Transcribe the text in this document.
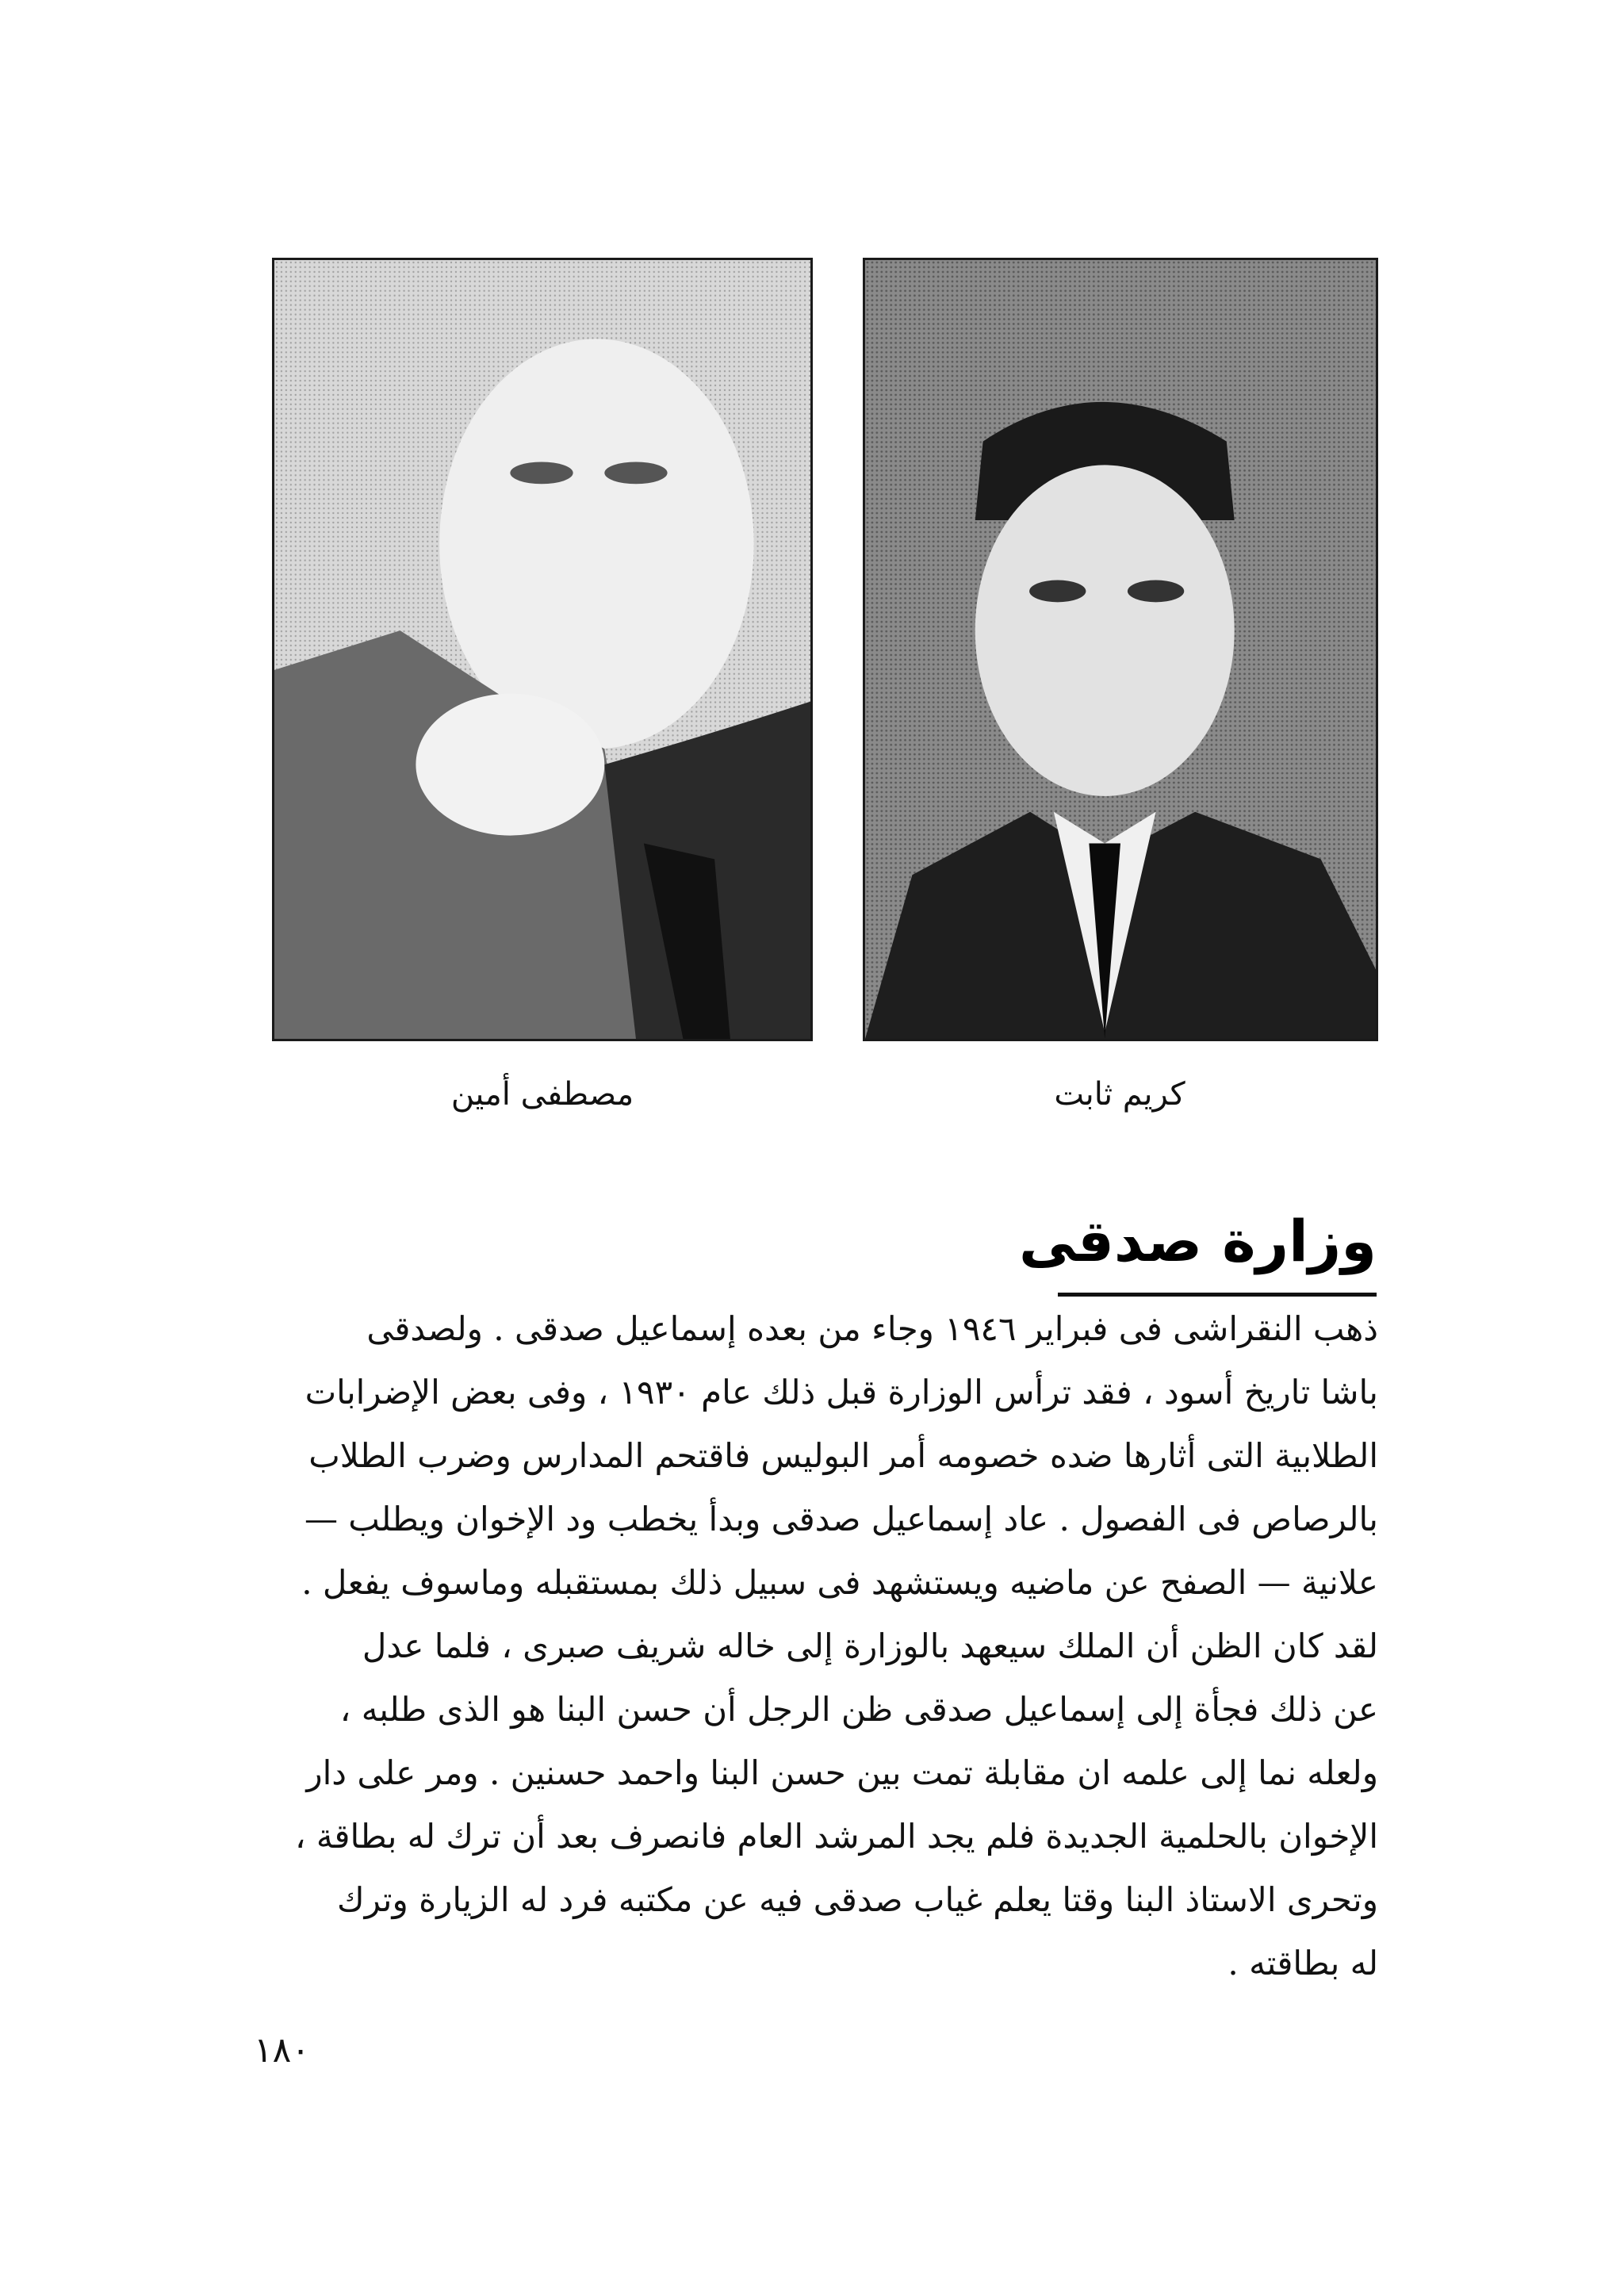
مصطفى أمين	كريم ثابت
وزارة صدقى
ذهب النقراشى فى فبراير ١٩٤٦ وجاء من بعده إسماعيل صدقى . ولصدقى
باشا تاريخ أسود ، فقد ترأس الوزارة قبل ذلك عام ١٩٣٠ ، وفى بعض الإضرابات
الطلابية التى أثارها ضده خصومه أمر البوليس فاقتحم المدارس وضرب الطلاب
بالرصاص فى الفصول . عاد إسماعيل صدقى وبدأ يخطب ود الإخوان ويطلب —
علانية — الصفح عن ماضيه ويستشهد فى سبيل ذلك بمستقبله وماسوف يفعل .
لقد كان الظن أن الملك سيعهد بالوزارة إلى خاله شريف صبرى ، فلما عدل
عن ذلك فجأة إلى إسماعيل صدقى ظن الرجل أن حسن البنا هو الذى طلبه ،
ولعله نما إلى علمه ان مقابلة تمت بين حسن البنا واحمد حسنين . ومر على دار
الإخوان بالحلمية الجديدة فلم يجد المرشد العام فانصرف بعد أن ترك له بطاقة ،
وتحرى الاستاذ البنا وقتا يعلم غياب صدقى فيه عن مكتبه فرد له الزيارة وترك
له بطاقته .
١٨٠
